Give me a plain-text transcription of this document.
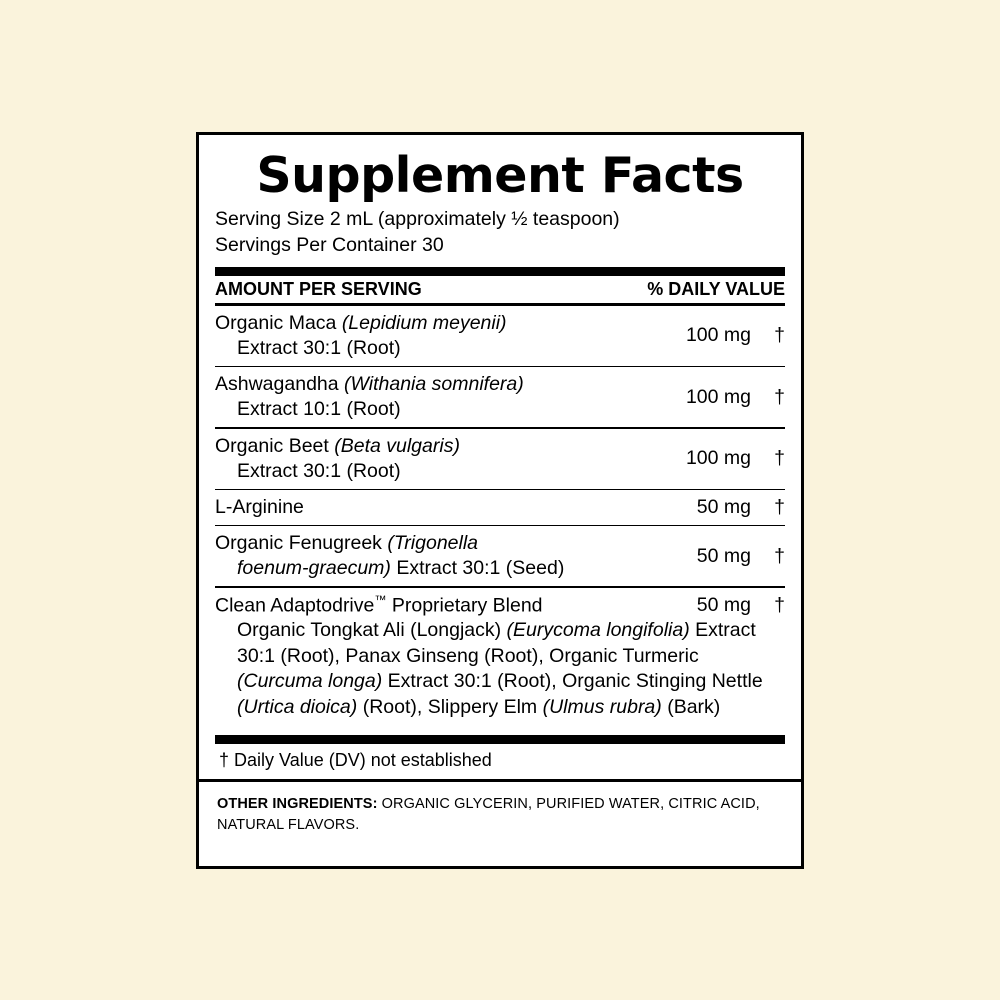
Supplement Facts
Serving Size 2 mL (approximately ½ teaspoon)
Servings Per Container 30
AMOUNT PER SERVING	% DAILY VALUE
Organic Maca (Lepidium meyenii)
Extract 30:1 (Root)
100 mg	†
Ashwagandha (Withania somnifera)
Extract 10:1 (Root)
100 mg	†
Organic Beet (Beta vulgaris)
Extract 30:1 (Root)
100 mg	†
L-Arginine	50 mg	†
Organic Fenugreek (Trigonella
foenum-graecum) Extract 30:1 (Seed)
50 mg	†
Clean Adaptodrive™ Proprietary Blend	50 mg	†
Organic Tongkat Ali (Longjack) (Eurycoma longifolia) Extract 30:1 (Root), Panax Ginseng (Root), Organic Turmeric (Curcuma longa) Extract 30:1 (Root), Organic Stinging Nettle (Urtica dioica) (Root), Slippery Elm (Ulmus rubra) (Bark)
† Daily Value (DV) not established
OTHER INGREDIENTS: ORGANIC GLYCERIN, PURIFIED WATER, CITRIC ACID, NATURAL FLAVORS.
